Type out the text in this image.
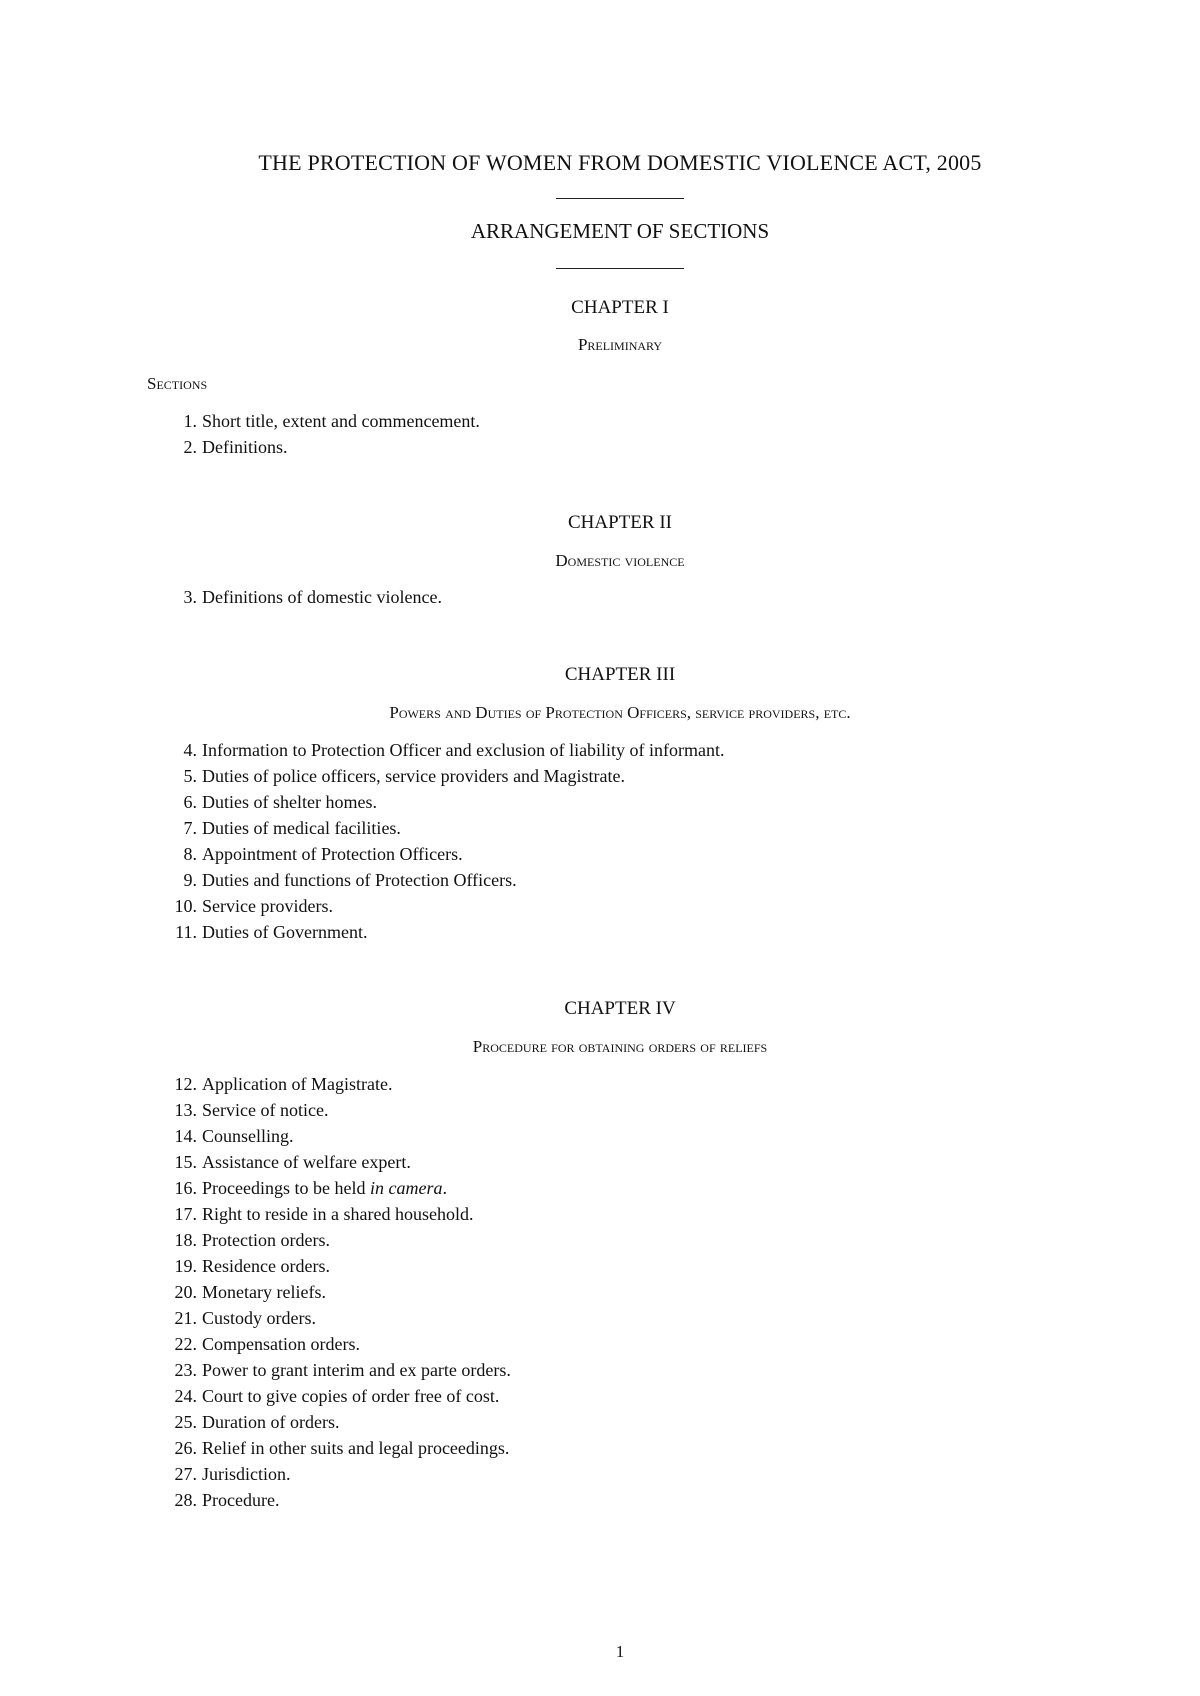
THE PROTECTION OF WOMEN FROM DOMESTIC VIOLENCE ACT, 2005
ARRANGEMENT OF SECTIONS
CHAPTER I
Preliminary
Sections
1. Short title, extent and commencement.
2. Definitions.
CHAPTER II
Domestic violence
3. Definitions of domestic violence.
CHAPTER III
Powers and Duties of Protection Officers, service providers, etc.
4. Information to Protection Officer and exclusion of liability of informant.
5. Duties of police officers, service providers and Magistrate.
6. Duties of shelter homes.
7. Duties of medical facilities.
8. Appointment of Protection Officers.
9. Duties and functions of Protection Officers.
10. Service providers.
11. Duties of Government.
CHAPTER IV
Procedure for obtaining orders of reliefs
12. Application of Magistrate.
13. Service of notice.
14. Counselling.
15. Assistance of welfare expert.
16. Proceedings to be held in camera.
17. Right to reside in a shared household.
18. Protection orders.
19. Residence orders.
20. Monetary reliefs.
21. Custody orders.
22. Compensation orders.
23. Power to grant interim and ex parte orders.
24. Court to give copies of order free of cost.
25. Duration of orders.
26. Relief in other suits and legal proceedings.
27. Jurisdiction.
28. Procedure.
1
